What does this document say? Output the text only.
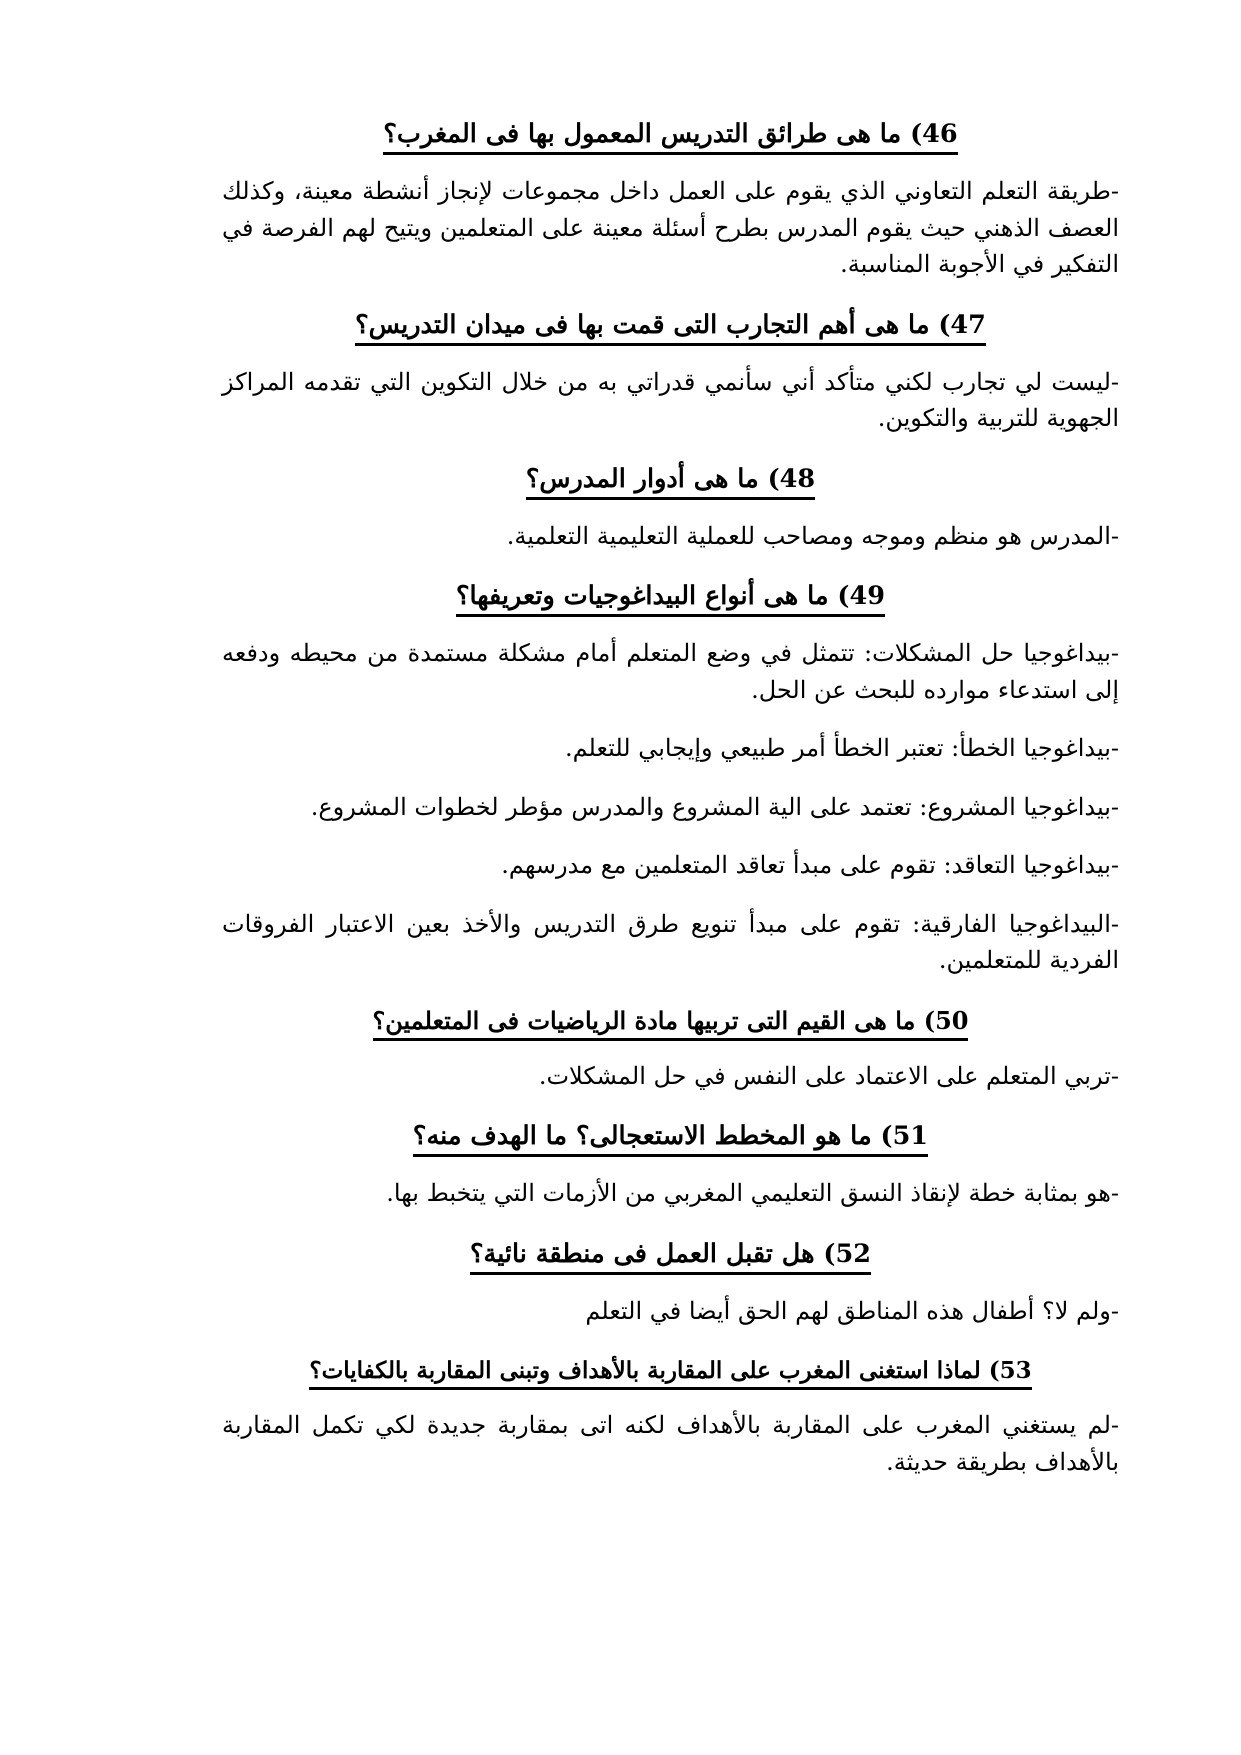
46) ما هى طرائق التدريس المعمول بها فى المغرب؟

-طريقة التعلم التعاوني الذي يقوم على العمل داخل مجموعات لإنجاز أنشطة معينة، وكذلك العصف الذهني حيث يقوم المدرس بطرح أسئلة معينة على المتعلمين ويتيح لهم الفرصة في التفكير في الأجوبة المناسبة.

47) ما هى أهم التجارب التى قمت بها فى ميدان التدريس؟

-ليست لي تجارب لكني متأكد أني سأنمي قدراتي به من خلال التكوين التي تقدمه المراكز الجهوية للتربية والتكوين.

48) ما هى أدوار المدرس؟

-المدرس هو منظم وموجه ومصاحب للعملية التعليمية التعلمية.

49) ما هى أنواع البيداغوجيات وتعريفها؟

-بيداغوجيا حل المشكلات: تتمثل في وضع المتعلم أمام مشكلة مستمدة من محيطه ودفعه إلى استدعاء موارده للبحث عن الحل.

-بيداغوجيا الخطأ: تعتبر الخطأ أمر طبيعي وإيجابي للتعلم.

-بيداغوجيا المشروع: تعتمد على الية المشروع والمدرس مؤطر لخطوات المشروع.

-بيداغوجيا التعاقد: تقوم على مبدأ تعاقد المتعلمين مع مدرسهم.

-البيداغوجيا الفارقية: تقوم على مبدأ تنويع طرق التدريس والأخذ بعين الاعتبار الفروقات الفردية للمتعلمين.

50) ما هى القيم التى تربيها مادة الرياضيات فى المتعلمين؟

-تربي المتعلم على الاعتماد على النفس في حل المشكلات.

51) ما هو المخطط الاستعجالى؟ ما الهدف منه؟

-هو بمثابة خطة لإنقاذ النسق التعليمي المغربي من الأزمات التي يتخبط بها.

52) هل تقبل العمل فى منطقة نائية؟

-ولم لا؟ أطفال هذه المناطق لهم الحق أيضا في التعلم

53) لماذا استغنى المغرب على المقاربة بالأهداف وتبنى المقاربة بالكفايات؟

-لم يستغني المغرب على المقاربة بالأهداف لكنه اتى بمقاربة جديدة لكي تكمل المقاربة بالأهداف بطريقة حديثة.
